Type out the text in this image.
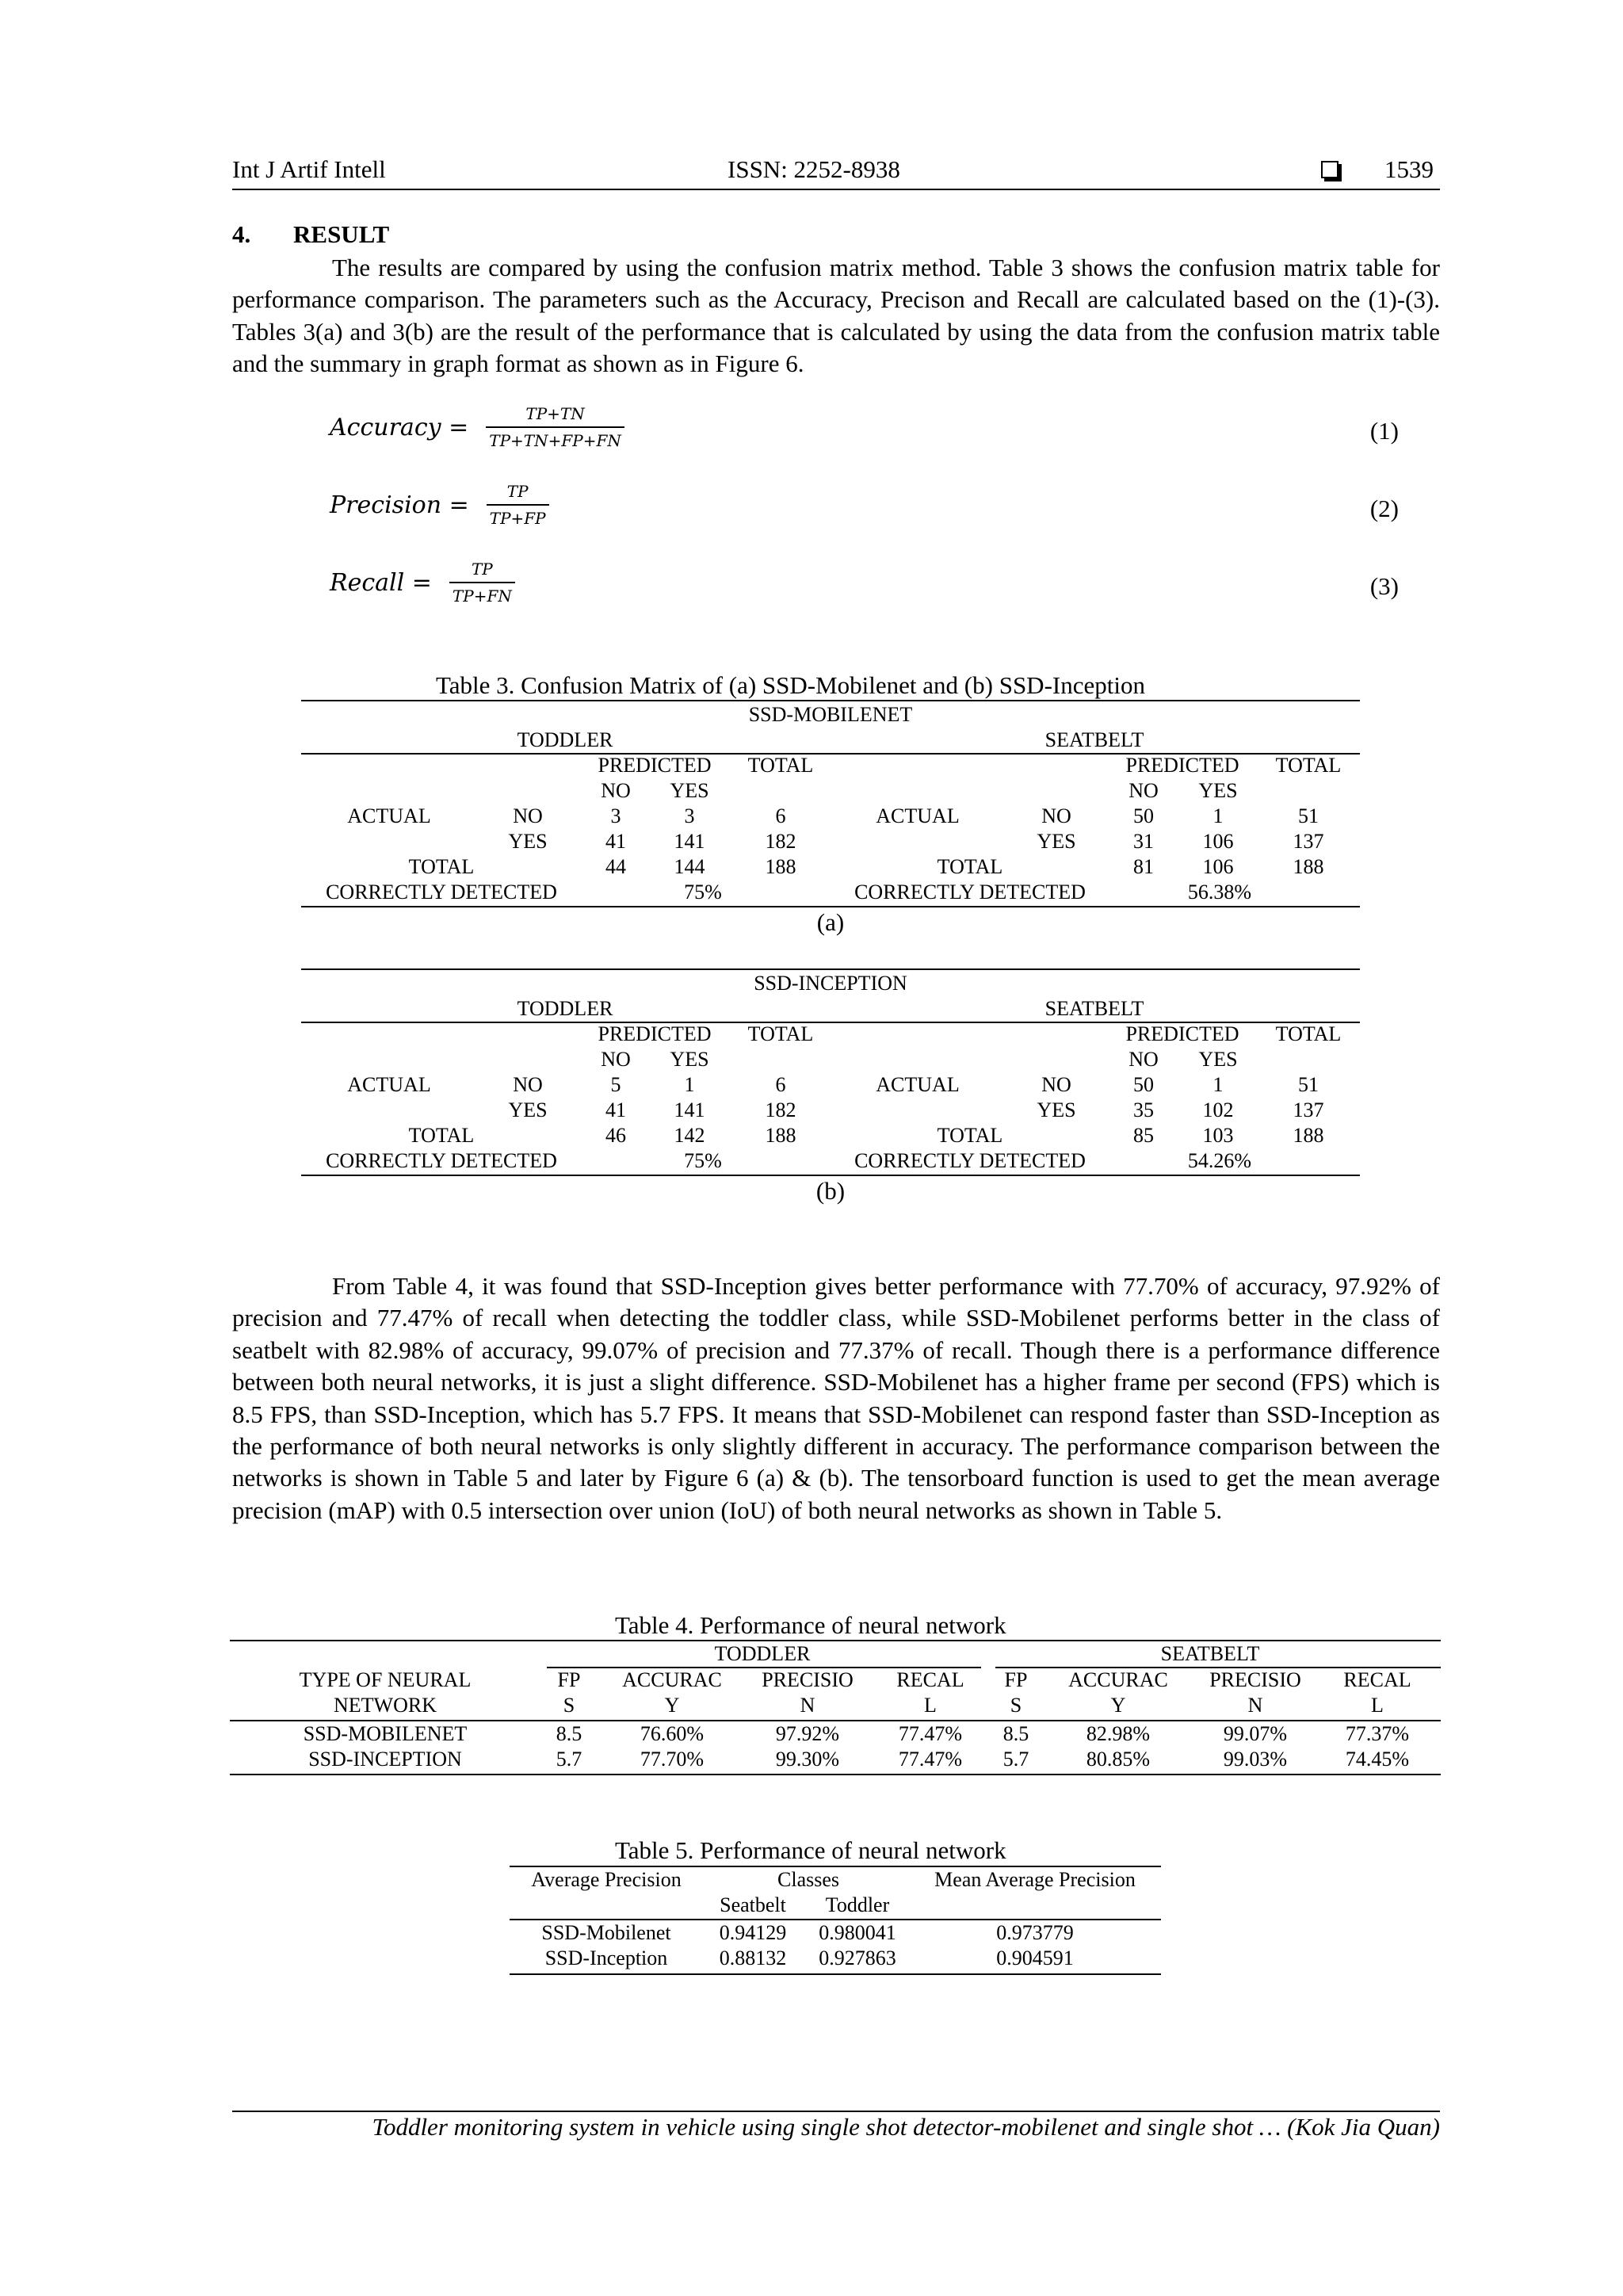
Int J Artif Intell	ISSN: 2252-8938	1539
4. RESULT
The results are compared by using the confusion matrix method. Table 3 shows the confusion matrix table for performance comparison. The parameters such as the Accuracy, Precison and Recall are calculated based on the (1)-(3). Tables 3(a) and 3(b) are the result of the performance that is calculated by using the data from the confusion matrix table and the summary in graph format as shown as in Figure 6.
Accuracy = $\frac{TP+TN}{TP+TN+FP+FN}$	(1)
Precision = $\frac{TP}{TP+FP}$	(2)
Recall = $\frac{TP}{TP+FN}$	(3)
Table 3. Confusion Matrix of (a) SSD-Mobilenet and (b) SSD-Inception
SSD-MOBILENET
TODDLER	SEATBELT
PREDICTED TOTAL	PREDICTED TOTAL
NO YES	NO YES
ACTUAL	NO	3	3	6	ACTUAL	NO	50	1	51
YES	41 141	182	YES	31 106	137
TOTAL	44 144	188	TOTAL	81 106	188
CORRECTLY DETECTED	75%	CORRECTLY DETECTED	56.38%
(a)
SSD-INCEPTION
TODDLER	SEATBELT
PREDICTED TOTAL	PREDICTED TOTAL
NO YES	NO YES
ACTUAL	NO	5	1	6	ACTUAL	NO	50	1	51
YES	41 141	182	YES	35 102	137
TOTAL	46 142	188	TOTAL	85 103	188
CORRECTLY DETECTED	75%	CORRECTLY DETECTED	54.26%
(b)
From Table 4, it was found that SSD-Inception gives better performance with 77.70% of accuracy, 97.92% of precision and 77.47% of recall when detecting the toddler class, while SSD-Mobilenet performs better in the class of seatbelt with 82.98% of accuracy, 99.07% of precision and 77.37% of recall. Though there is a performance difference between both neural networks, it is just a slight difference. SSD-Mobilenet has a higher frame per second (FPS) which is 8.5 FPS, than SSD-Inception, which has 5.7 FPS. It means that SSD-Mobilenet can respond faster than SSD-Inception as the performance of both neural networks is only slightly different in accuracy. The performance comparison between the networks is shown in Table 5 and later by Figure 6 (a) & (b). The tensorboard function is used to get the mean average precision (mAP) with 0.5 intersection over union (IoU) of both neural networks as shown in Table 5.
Table 4. Performance of neural network
TODDLER	SEATBELT
TYPE OF NEURAL	FP ACCURAC PRECISIO RECAL FP ACCURAC PRECISIO RECAL
NETWORK	S	Y	N	L	S	Y	N	L
SSD-MOBILENET	8.5	76.60%	97.92%	77.47% 8.5	82.98%	99.07%	77.37%
SSD-INCEPTION	5.7	77.70%	99.30%	77.47% 5.7	80.85%	99.03%	74.45%
Table 5. Performance of neural network
Average Precision	Classes	Mean Average Precision
Seatbelt Toddler
SSD-Mobilenet 0.94129 0.980041	0.973779
SSD-Inception	0.88132 0.927863	0.904591
Toddler monitoring system in vehicle using single shot detector-mobilenet and single shot … (Kok Jia Quan)
